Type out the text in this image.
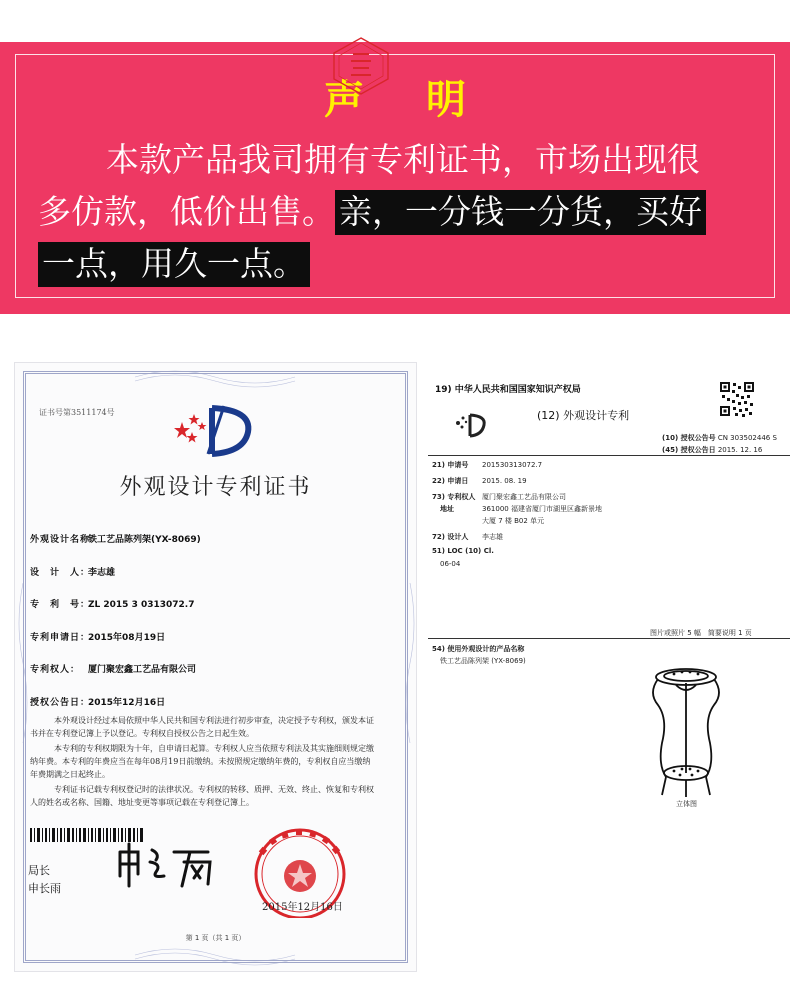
声 明
本款产品我司拥有专利证书，市场出现很
多仿款，低价出售。 亲，一分钱一分货，买好
一点，用久一点。
证书号第3511174号
外观设计专利证书
外观设计名称：铁工艺品陈列架(YX-8069)
设　计　人：李志雄
专　利　号：ZL 2015 3 0313072.7
专利申请日：2015年08月19日
专利权人： 厦门聚宏鑫工艺品有限公司
授权公告日：2015年12月16日

本外观设计经过本局依照中华人民共和国专利法进行初步审查，决定授予专利权，颁发本证书并在专利登记簿上予以登记。专利权自授权公告之日起生效。

本专利的专利权期限为十年，自申请日起算。专利权人应当依照专利法及其实施细则规定缴纳年费。本专利的年费应当在每年08月19日前缴纳。未按照规定缴纳年费的，专利权自应当缴纳年费期满之日起终止。

专利证书记载专利权登记时的法律状况。专利权的转移、质押、无效、终止、恢复和专利权人的姓名或名称、国籍、地址变更等事项记载在专利登记簿上。

局长
申长雨
2015年12月16日
第 1 页（共 1 页）
19) 中华人民共和国国家知识产权局
(12) 外观设计专利
(10) 授权公告号 CN 303502446 S
(45) 授权公告日 2015. 12. 16
21) 申请号 201530313072.7
22) 申请日 2015. 08. 19
73) 专利权人 厦门聚宏鑫工艺品有限公司
地址	361000 福建省厦门市湖里区鑫新景地
大厦 7 楼 B02 单元
72) 设计人 李志雄
51) LOC (10) Cl.
06-04
图片或照片 5 幅　简要说明 1 页
54) 使用外观设计的产品名称
铁工艺品陈列架 (YX-8069)
立体图
